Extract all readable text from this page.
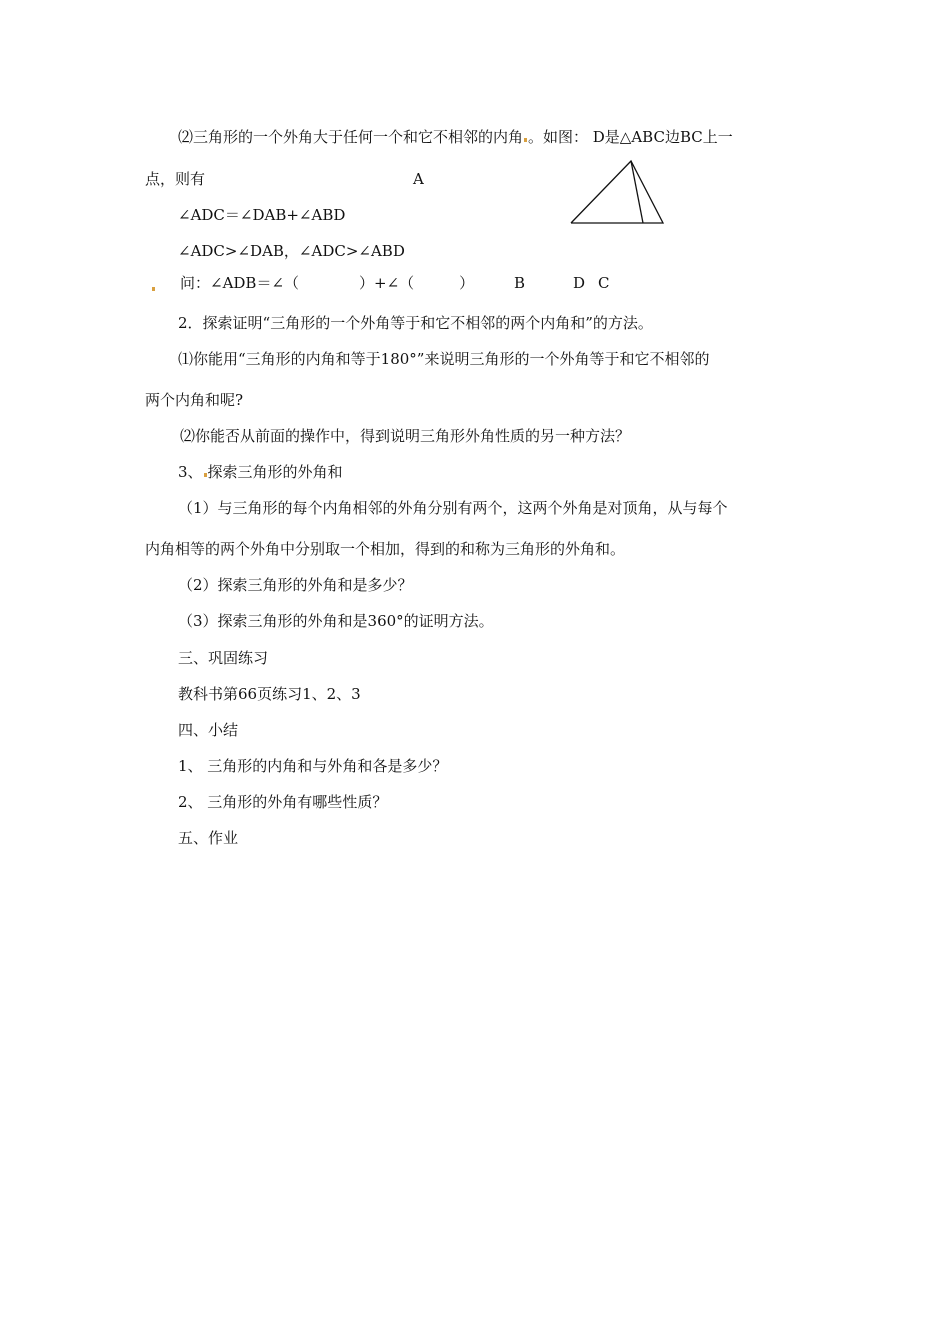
⑵三角形的一个外角大于任何一个和它不相邻的内角 。如图： D是△ABC边BC上一
点，则有	A
∠ADC＝∠DAB+∠ABD
∠ADC>∠DAB，∠ADC>∠ABD
问：∠ADB＝∠（　　　　）+∠（　　　）	B	D C
2．探索证明“三角形的一个外角等于和它不相邻的两个内角和”的方法。
⑴你能用“三角形的内角和等于180°”来说明三角形的一个外角等于和它不相邻的
两个内角和呢?
⑵你能否从前面的操作中，得到说明三角形外角性质的另一种方法？
3、 探索三角形的外角和
（1）与三角形的每个内角相邻的外角分别有两个，这两个外角是对顶角，从与每个
内角相等的两个外角中分别取一个相加，得到的和称为三角形的外角和。
（2）探索三角形的外角和是多少？
（3）探索三角形的外角和是360°的证明方法。
三、巩固练习
教科书第66页练习1、2、3
四、小结
1、 三角形的内角和与外角和各是多少？
2、 三角形的外角有哪些性质？
五、作业
